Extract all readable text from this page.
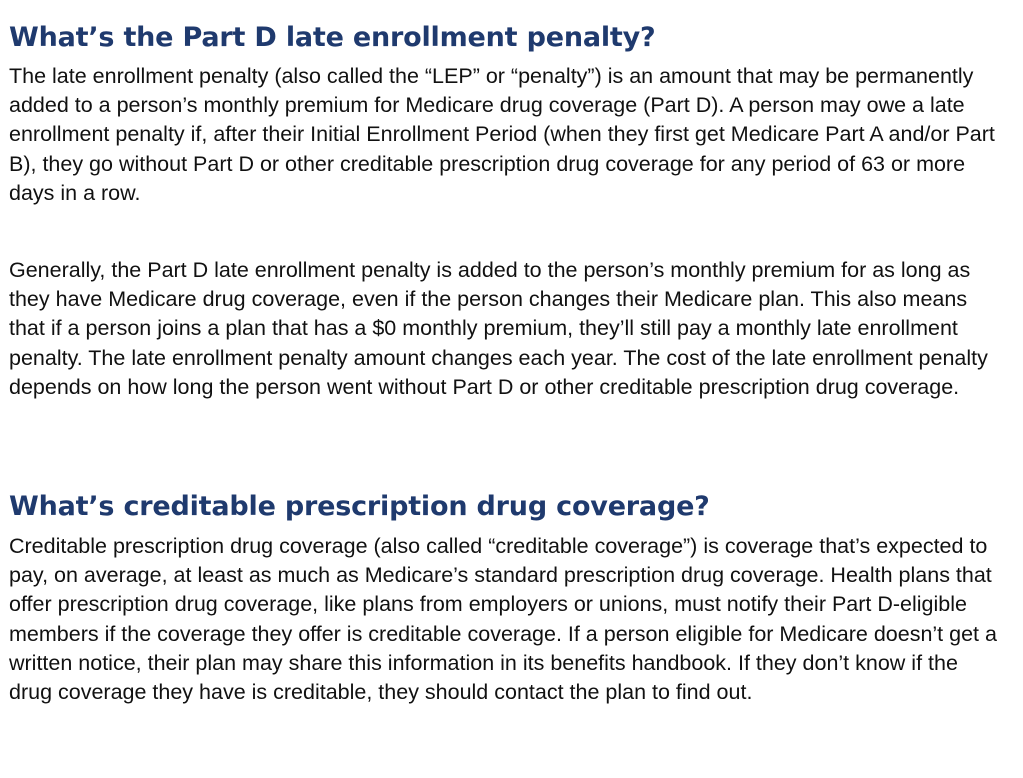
What’s the Part D late enrollment penalty?

The late enrollment penalty (also called the “LEP” or “penalty”) is an amount that may be permanently added to a person’s monthly premium for Medicare drug coverage (Part D). A person may owe a late enrollment penalty if, after their Initial Enrollment Period (when they first get Medicare Part A and/or Part B), they go without Part D or other creditable prescription drug coverage for any period of 63 or more days in a row.

Generally, the Part D late enrollment penalty is added to the person’s monthly premium for as long as they have Medicare drug coverage, even if the person changes their Medicare plan. This also means that if a person joins a plan that has a $0 monthly premium, they’ll still pay a monthly late enrollment penalty. The late enrollment penalty amount changes each year. The cost of the late enrollment penalty depends on how long the person went without Part D or other creditable prescription drug coverage.

What’s creditable prescription drug coverage?

Creditable prescription drug coverage (also called “creditable coverage”) is coverage that’s expected to pay, on average, at least as much as Medicare’s standard prescription drug coverage. Health plans that offer prescription drug coverage, like plans from employers or unions, must notify their Part D-eligible members if the coverage they offer is creditable coverage. If a person eligible for Medicare doesn’t get a written notice, their plan may share this information in its benefits handbook. If they don’t know if the drug coverage they have is creditable, they should contact the plan to find out.
